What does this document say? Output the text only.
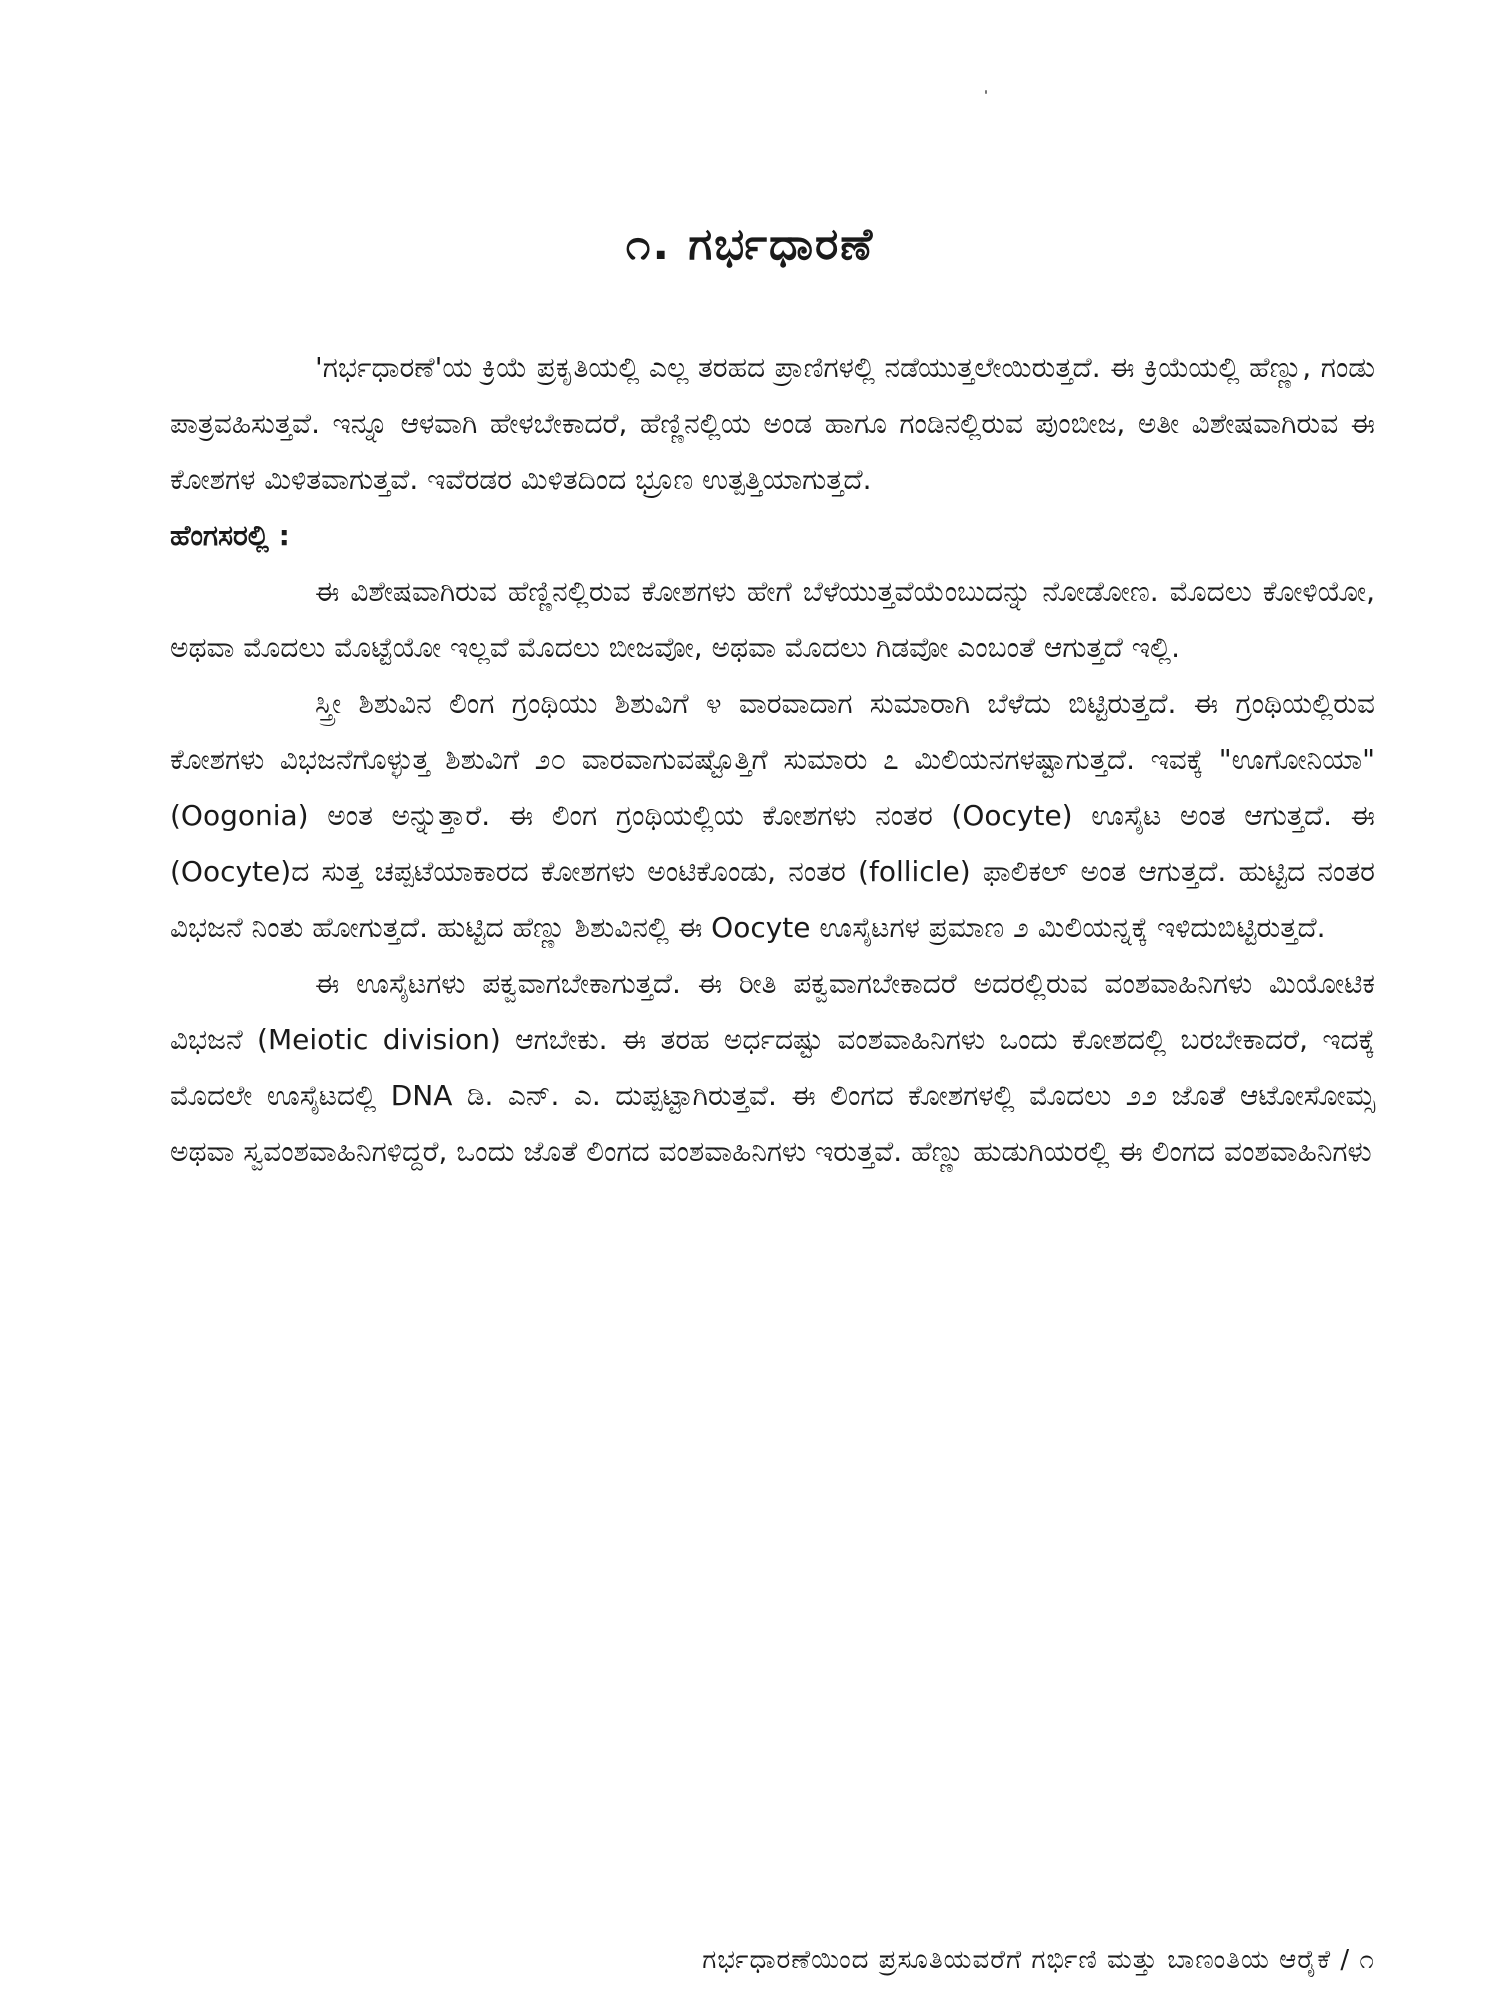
೧. ಗರ್ಭಧಾರಣೆ

'ಗರ್ಭಧಾರಣೆ'ಯ ಕ್ರಿಯೆ ಪ್ರಕೃತಿಯಲ್ಲಿ ಎಲ್ಲ ತರಹದ ಪ್ರಾಣಿಗಳಲ್ಲಿ ನಡೆಯುತ್ತಲೇಯಿರುತ್ತದೆ. ಈ ಕ್ರಿಯೆಯಲ್ಲಿ ಹೆಣ್ಣು, ಗಂಡು ಪಾತ್ರವಹಿಸುತ್ತವೆ. ಇನ್ನೂ ಆಳವಾಗಿ ಹೇಳಬೇಕಾದರೆ, ಹೆಣ್ಣಿನಲ್ಲಿಯ ಅಂಡ ಹಾಗೂ ಗಂಡಿನಲ್ಲಿರುವ ಪುಂಬೀಜ, ಅತೀ ವಿಶೇಷವಾಗಿರುವ ಈ ಕೋಶಗಳ ಮಿಳಿತವಾಗುತ್ತವೆ. ಇವೆರಡರ ಮಿಳಿತದಿಂದ ಭ್ರೂಣ ಉತ್ಪತ್ತಿಯಾಗುತ್ತದೆ.

ಹೆಂಗಸರಲ್ಲಿ :

ಈ ವಿಶೇಷವಾಗಿರುವ ಹೆಣ್ಣಿನಲ್ಲಿರುವ ಕೋಶಗಳು ಹೇಗೆ ಬೆಳೆಯುತ್ತವೆಯೆಂಬುದನ್ನು ನೋಡೋಣ. ಮೊದಲು ಕೋಳಿಯೋ, ಅಥವಾ ಮೊದಲು ಮೊಟ್ಟೆಯೋ ಇಲ್ಲವೆ ಮೊದಲು ಬೀಜವೋ, ಅಥವಾ ಮೊದಲು ಗಿಡವೋ ಎಂಬಂತೆ ಆಗುತ್ತದೆ ಇಲ್ಲಿ.

ಸ್ತ್ರೀ ಶಿಶುವಿನ ಲಿಂಗ ಗ್ರಂಥಿಯು ಶಿಶುವಿಗೆ ೪ ವಾರವಾದಾಗ ಸುಮಾರಾಗಿ ಬೆಳೆದು ಬಿಟ್ಟಿರುತ್ತದೆ. ಈ ಗ್ರಂಥಿಯಲ್ಲಿರುವ ಕೋಶಗಳು ವಿಭಜನೆಗೊಳ್ಳುತ್ತ ಶಿಶುವಿಗೆ ೨೦ ವಾರವಾಗುವಷ್ಟೊತ್ತಿಗೆ ಸುಮಾರು ೭ ಮಿಲಿಯನಗಳಷ್ಟಾಗುತ್ತದೆ. ಇವಕ್ಕೆ "ಊಗೋನಿಯಾ" (Oogonia) ಅಂತ ಅನ್ನುತ್ತಾರೆ. ಈ ಲಿಂಗ ಗ್ರಂಥಿಯಲ್ಲಿಯ ಕೋಶಗಳು ನಂತರ (Oocyte) ಊಸೈಟ ಅಂತ ಆಗುತ್ತದೆ. ಈ (Oocyte)ದ ಸುತ್ತ ಚಪ್ಪಟೆಯಾಕಾರದ ಕೋಶಗಳು ಅಂಟಿಕೊಂಡು, ನಂತರ (follicle) ಫಾಲಿಕಲ್ ಅಂತ ಆಗುತ್ತದೆ. ಹುಟ್ಟಿದ ನಂತರ ವಿಭಜನೆ ನಿಂತು ಹೋಗುತ್ತದೆ. ಹುಟ್ಟಿದ ಹೆಣ್ಣು ಶಿಶುವಿನಲ್ಲಿ ಈ Oocyte ಊಸೈಟಗಳ ಪ್ರಮಾಣ ೨ ಮಿಲಿಯನ್ನಕ್ಕೆ ಇಳಿದುಬಿಟ್ಟಿರುತ್ತದೆ.

ಈ ಊಸೈಟಗಳು ಪಕ್ವವಾಗಬೇಕಾಗುತ್ತದೆ. ಈ ರೀತಿ ಪಕ್ವವಾಗಬೇಕಾದರೆ ಅದರಲ್ಲಿರುವ ವಂಶವಾಹಿನಿಗಳು ಮಿಯೋಟಿಕ ವಿಭಜನೆ (Meiotic division) ಆಗಬೇಕು. ಈ ತರಹ ಅರ್ಧದಷ್ಟು ವಂಶವಾಹಿನಿಗಳು ಒಂದು ಕೋಶದಲ್ಲಿ ಬರಬೇಕಾದರೆ, ಇದಕ್ಕೆ ಮೊದಲೇ ಊಸೈಟದಲ್ಲಿ DNA ಡಿ. ಎನ್. ಎ. ದುಪ್ಪಟ್ಟಾಗಿರುತ್ತವೆ. ಈ ಲಿಂಗದ ಕೋಶಗಳಲ್ಲಿ ಮೊದಲು ೨೨ ಜೊತೆ ಆಟೋಸೋಮ್ಸ ಅಥವಾ ಸ್ವವಂಶವಾಹಿನಿಗಳಿದ್ದರೆ, ಒಂದು ಜೊತೆ ಲಿಂಗದ ವಂಶವಾಹಿನಿಗಳು ಇರುತ್ತವೆ. ಹೆಣ್ಣು ಹುಡುಗಿಯರಲ್ಲಿ ಈ ಲಿಂಗದ ವಂಶವಾಹಿನಿಗಳು

ಗರ್ಭಧಾರಣೆಯಿಂದ ಪ್ರಸೂತಿಯವರೆಗೆ ಗರ್ಭಿಣಿ ಮತ್ತು ಬಾಣಂತಿಯ ಆರೈಕೆ / ೧
